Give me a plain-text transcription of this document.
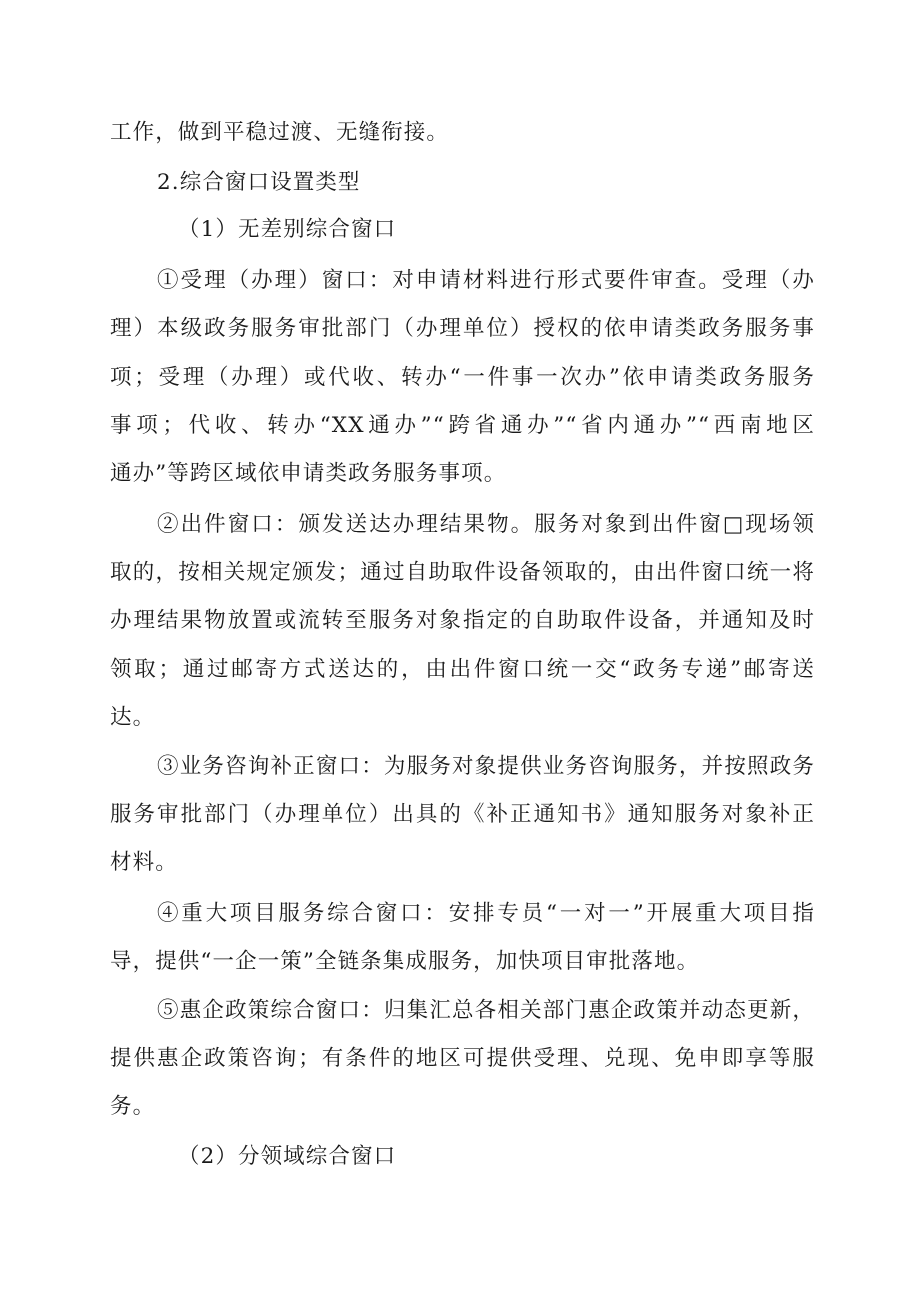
工作，做到平稳过渡、无缝衔接。
2.综合窗口设置类型
（1）无差别综合窗口
①受理（办理）窗口：对申请材料进行形式要件审查。受理（办
理）本级政务服务审批部门（办理单位）授权的依申请类政务服务事
项；受理（办理）或代收、转办“一件事一次办”依申请类政务服务
事项；代收、转办“XX通办”“跨省通办”“省内通办”“西南地区
通办”等跨区域依申请类政务服务事项。
②出件窗口：颁发送达办理结果物。服务对象到出件窗□现场领
取的，按相关规定颁发；通过自助取件设备领取的，由出件窗口统一将
办理结果物放置或流转至服务对象指定的自助取件设备，并通知及时
领取；通过邮寄方式送达的，由出件窗口统一交“政务专递”邮寄送
达。
③业务咨询补正窗口：为服务对象提供业务咨询服务，并按照政务
服务审批部门（办理单位）出具的《补正通知书》通知服务对象补正
材料。
④重大项目服务综合窗口：安排专员“一对一”开展重大项目指
导，提供“一企一策”全链条集成服务，加快项目审批落地。
⑤惠企政策综合窗口：归集汇总各相关部门惠企政策并动态更新，
提供惠企政策咨询；有条件的地区可提供受理、兑现、免申即享等服
务。
（2）分领域综合窗口
